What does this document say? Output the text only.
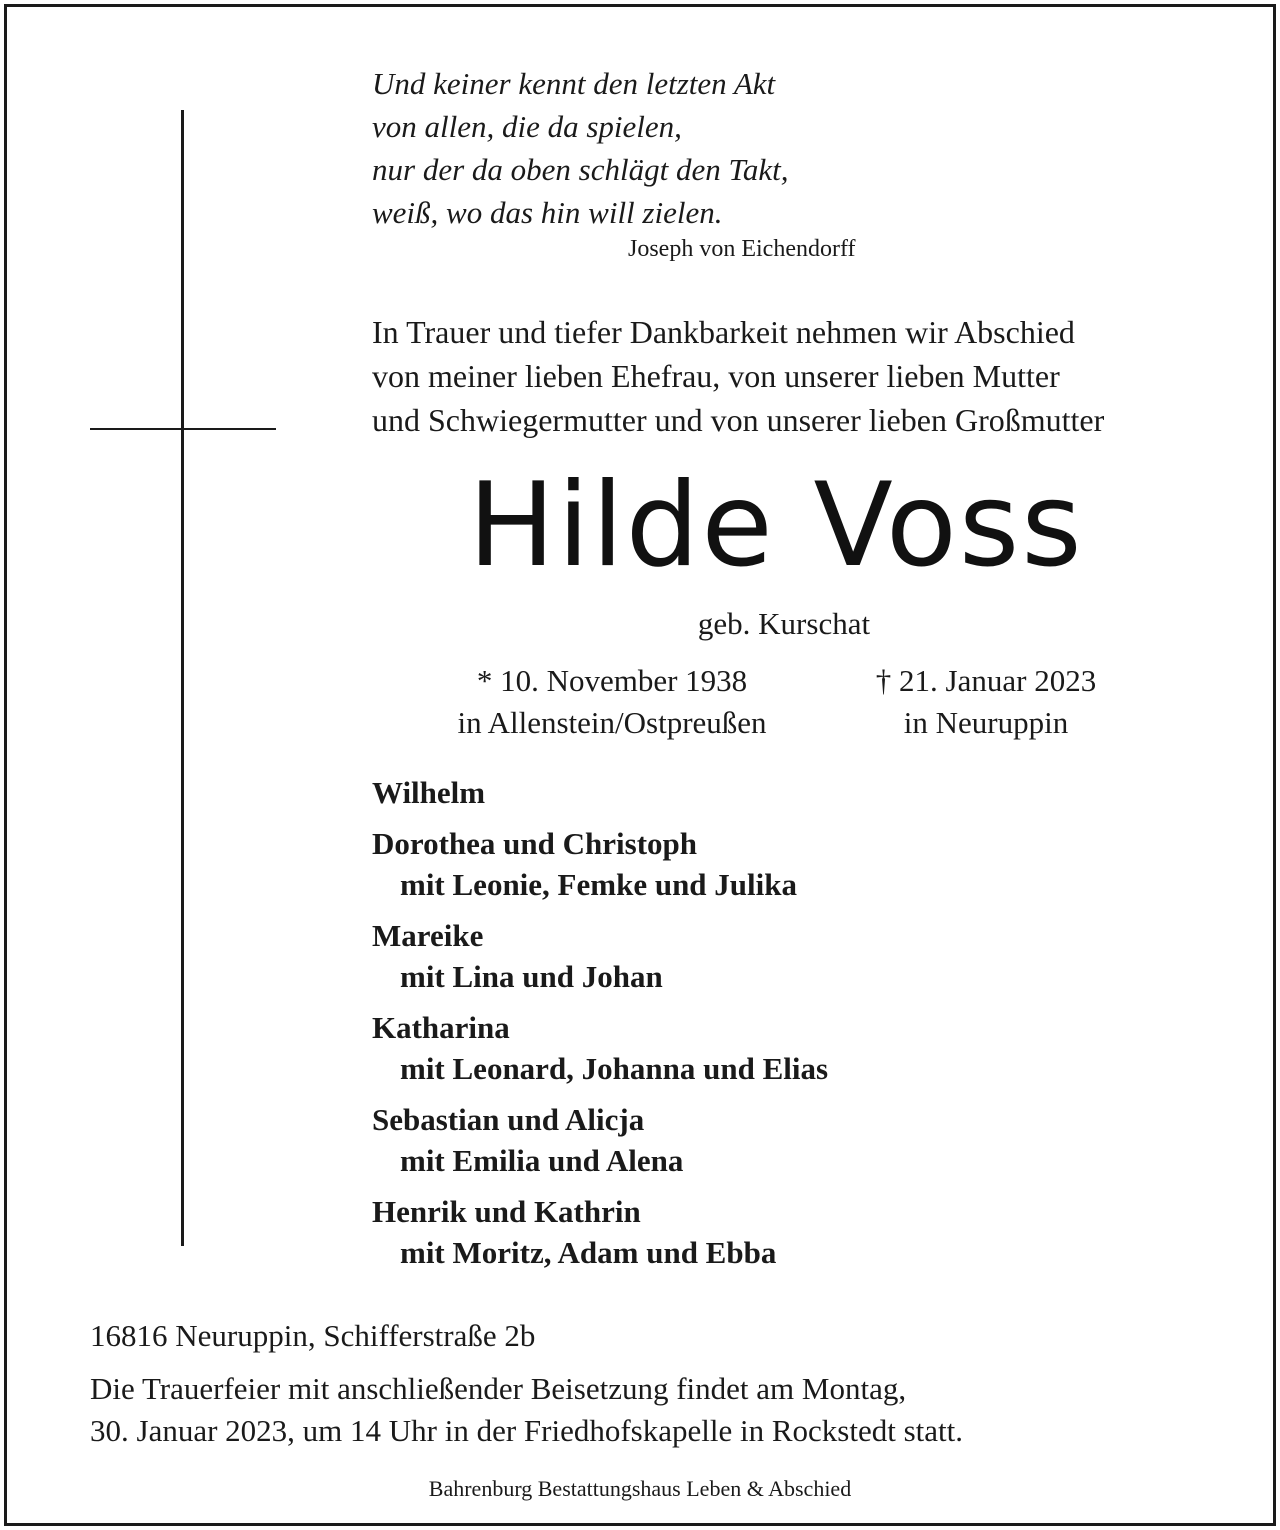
Und keiner kennt den letzten Akt
von allen, die da spielen,
nur der da oben schlägt den Takt,
weiß, wo das hin will zielen.
Joseph von Eichendorff
In Trauer und tiefer Dankbarkeit nehmen wir Abschied
von meiner lieben Ehefrau, von unserer lieben Mutter
und Schwiegermutter und von unserer lieben Großmutter
Hilde Voss
geb. Kurschat
* 10. November 1938
in Allenstein/Ostpreußen
† 21. Januar 2023
in Neuruppin
Wilhelm
Dorothea und Christoph
mit Leonie, Femke und Julika
Mareike
mit Lina und Johan
Katharina
mit Leonard, Johanna und Elias
Sebastian und Alicja
mit Emilia und Alena
Henrik und Kathrin
mit Moritz, Adam und Ebba
16816 Neuruppin, Schifferstraße 2b
Die Trauerfeier mit anschließender Beisetzung findet am Montag,
30. Januar 2023, um 14 Uhr in der Friedhofskapelle in Rockstedt statt.
Bahrenburg Bestattungshaus Leben & Abschied
